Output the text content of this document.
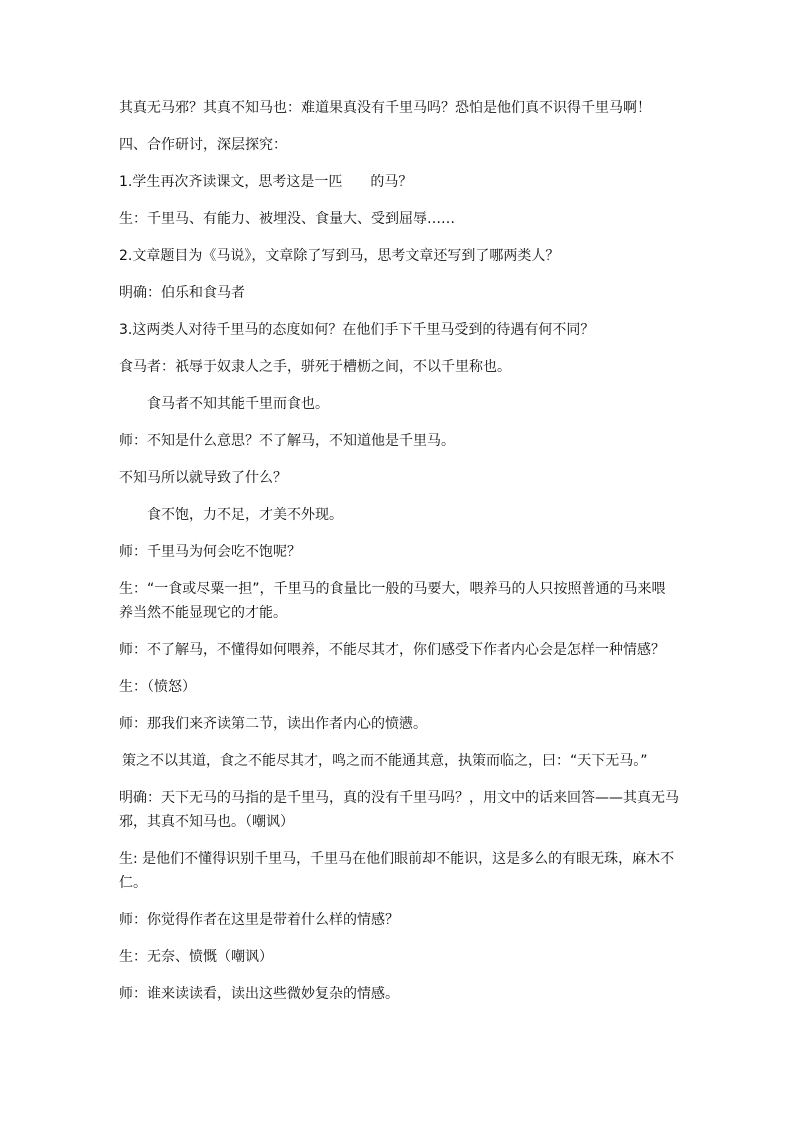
其真无马邪？其真不知马也：难道果真没有千里马吗？恐怕是他们真不识得千里马啊！

四、合作研讨，深层探究：

1.学生再次齐读课文，思考这是一匹　　的马？

生：千里马、有能力、被埋没、食量大、受到屈辱……

2.文章题目为《马说》，文章除了写到马，思考文章还写到了哪两类人？

明确：伯乐和食马者

3.这两类人对待千里马的态度如何？在他们手下千里马受到的待遇有何不同？

食马者：祇辱于奴隶人之手，骈死于槽枥之间，不以千里称也。

食马者不知其能千里而食也。

师：不知是什么意思？不了解马，不知道他是千里马。

不知马所以就导致了什么？

食不饱，力不足，才美不外现。

师：千里马为何会吃不饱呢？

生：“一食或尽粟一担”，千里马的食量比一般的马要大，喂养马的人只按照普通的马来喂养当然不能显现它的才能。

师：不了解马，不懂得如何喂养，不能尽其才，你们感受下作者内心会是怎样一种情感？

生：（愤怒）

师：那我们来齐读第二节，读出作者内心的愤懑。

策之不以其道，食之不能尽其才，鸣之而不能通其意，执策而临之，曰：“天下无马。”

明确：天下无马的马指的是千里马，真的没有千里马吗？，用文中的话来回答——其真无马邪，其真不知马也。（嘲讽）

生: 是他们不懂得识别千里马，千里马在他们眼前却不能识，这是多么的有眼无珠，麻木不仁。

师：你觉得作者在这里是带着什么样的情感？

生：无奈、愤慨（嘲讽）

师：谁来读读看，读出这些微妙复杂的情感。
